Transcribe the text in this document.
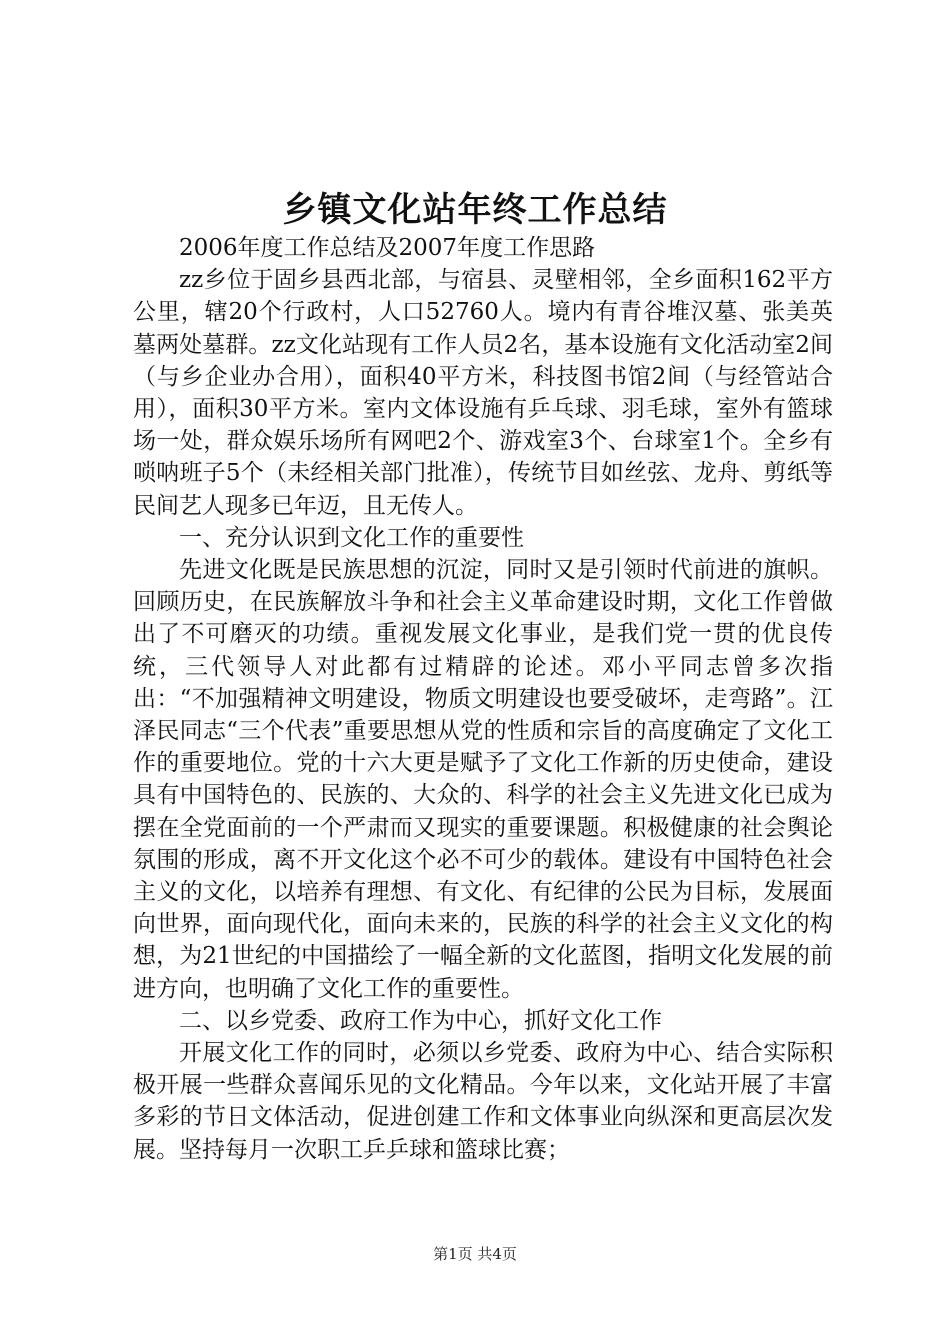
乡镇文化站年终工作总结

2006年度工作总结及2007年度工作思路

zz乡位于固乡县西北部，与宿县、灵壁相邻，全乡面积162平方公里，辖20个行政村，人口52760人。境内有青谷堆汉墓、张美英墓两处墓群。zz文化站现有工作人员2名，基本设施有文化活动室2间（与乡企业办合用），面积40平方米，科技图书馆2间（与经管站合用），面积30平方米。室内文体设施有乒乓球、羽毛球，室外有篮球场一处，群众娱乐场所有网吧2个、游戏室3个、台球室1个。全乡有唢呐班子5个（未经相关部门批准），传统节目如丝弦、龙舟、剪纸等民间艺人现多已年迈，且无传人。

一、充分认识到文化工作的重要性

先进文化既是民族思想的沉淀，同时又是引领时代前进的旗帜。回顾历史，在民族解放斗争和社会主义革命建设时期，文化工作曾做出了不可磨灭的功绩。重视发展文化事业，是我们党一贯的优良传统，三代领导人对此都有过精辟的论述。邓小平同志曾多次指出：“不加强精神文明建设，物质文明建设也要受破坏，走弯路”。江泽民同志“三个代表”重要思想从党的性质和宗旨的高度确定了文化工作的重要地位。党的十六大更是赋予了文化工作新的历史使命，建设具有中国特色的、民族的、大众的、科学的社会主义先进文化已成为摆在全党面前的一个严肃而又现实的重要课题。积极健康的社会舆论氛围的形成，离不开文化这个必不可少的载体。建设有中国特色社会主义的文化，以培养有理想、有文化、有纪律的公民为目标，发展面向世界，面向现代化，面向未来的，民族的科学的社会主义文化的构想，为21世纪的中国描绘了一幅全新的文化蓝图，指明文化发展的前进方向，也明确了文化工作的重要性。

二、以乡党委、政府工作为中心，抓好文化工作

开展文化工作的同时，必须以乡党委、政府为中心、结合实际积极开展一些群众喜闻乐见的文化精品。今年以来，文化站开展了丰富多彩的节日文体活动，促进创建工作和文体事业向纵深和更高层次发展。坚持每月一次职工乒乒球和篮球比赛；

第1页 共4页
